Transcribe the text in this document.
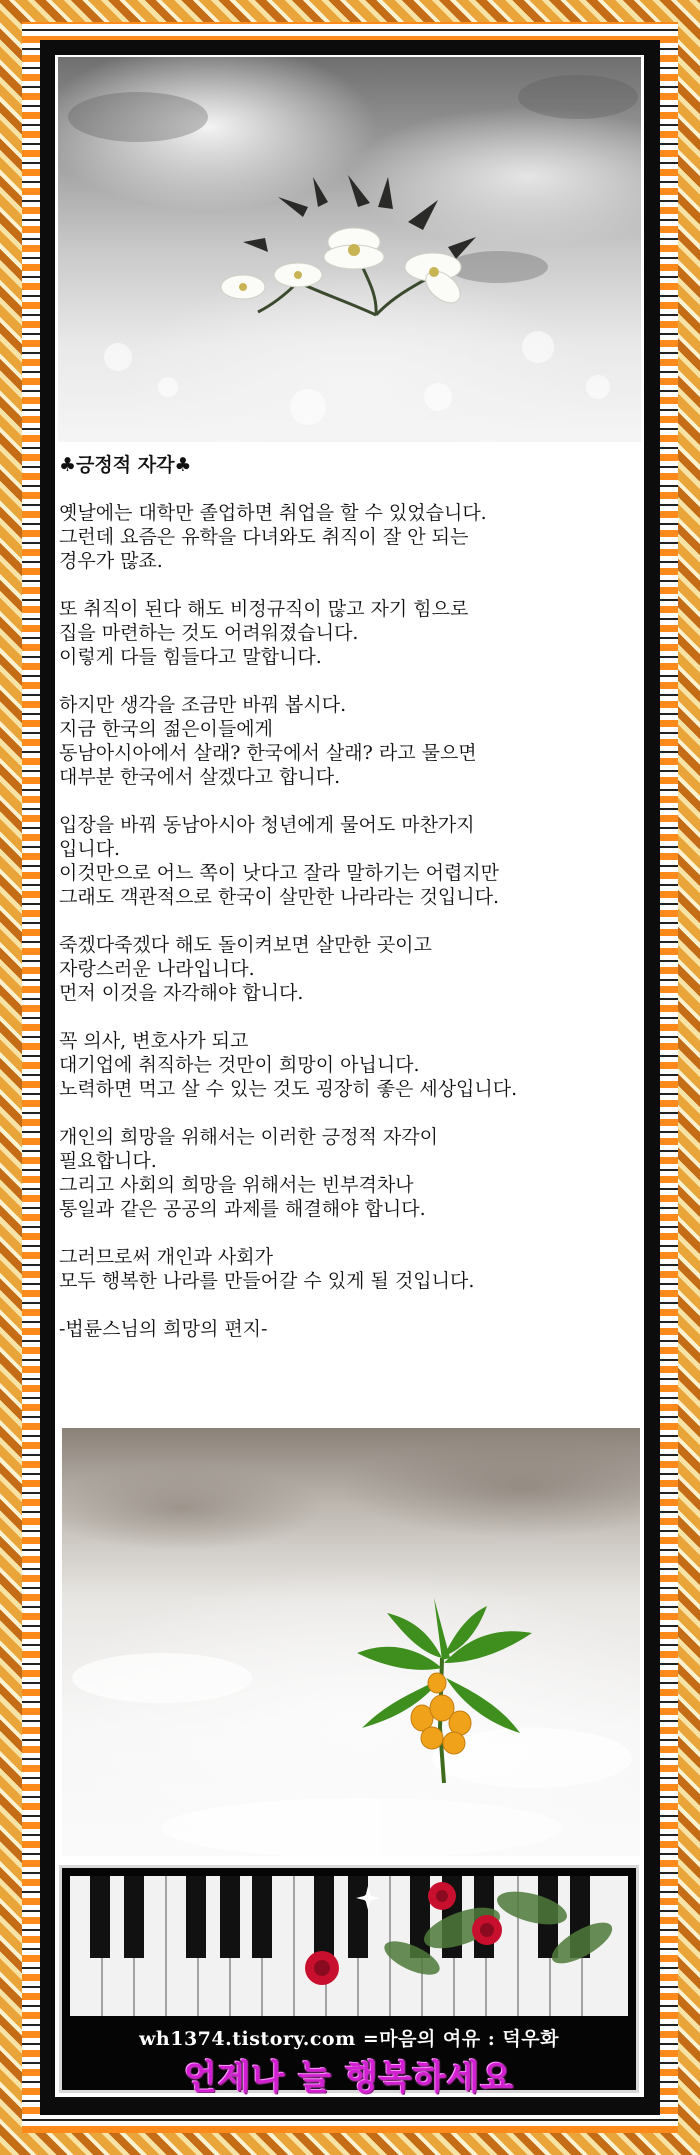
♣긍정적 자각♣

옛날에는 대학만 졸업하면 취업을 할 수 있었습니다.
그런데 요즘은 유학을 다녀와도 취직이 잘 안 되는
경우가 많죠.

또 취직이 된다 해도 비정규직이 많고 자기 힘으로
집을 마련하는 것도 어려워졌습니다.
이렇게 다들 힘들다고 말합니다.

하지만 생각을 조금만 바꿔 봅시다.
지금 한국의 젊은이들에게
동남아시아에서 살래? 한국에서 살래? 라고 물으면
대부분 한국에서 살겠다고 합니다.

입장을 바꿔 동남아시아 청년에게 물어도 마찬가지
입니다.
이것만으로 어느 쪽이 낫다고 잘라 말하기는 어렵지만
그래도 객관적으로 한국이 살만한 나라라는 것입니다.

죽겠다죽겠다 해도 돌이켜보면 살만한 곳이고
자랑스러운 나라입니다.
먼저 이것을 자각해야 합니다.

꼭 의사, 변호사가 되고
대기업에 취직하는 것만이 희망이 아닙니다.
노력하면 먹고 살 수 있는 것도 굉장히 좋은 세상입니다.

개인의 희망을 위해서는 이러한 긍정적 자각이
필요합니다.
그리고 사회의 희망을 위해서는 빈부격차나
통일과 같은 공공의 과제를 해결해야 합니다.

그러므로써 개인과 사회가
모두 행복한 나라를 만들어갈 수 있게 될 것입니다.

-법륜스님의 희망의 편지-

wh1374.tistory.com =마음의 여유 : 덕우화
언제나 늘 행복하세요
